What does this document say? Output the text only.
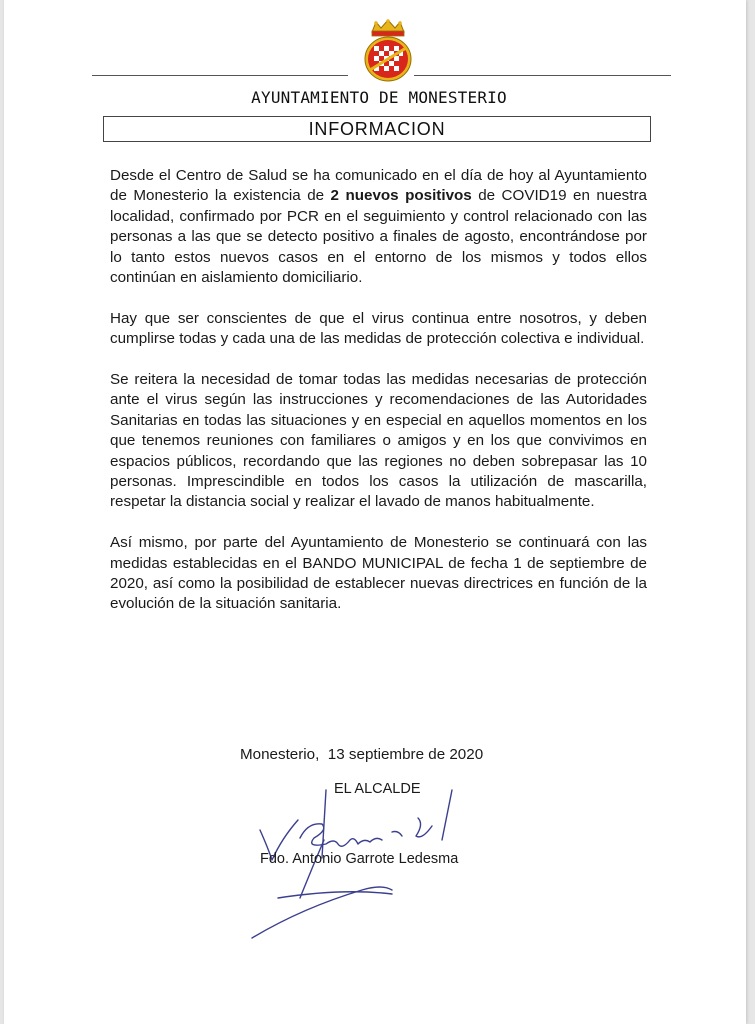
AYUNTAMIENTO DE MONESTERIO
INFORMACION

Desde el Centro de Salud se ha comunicado en el día de hoy al Ayuntamiento de Monesterio la existencia de 2 nuevos positivos de COVID19 en nuestra localidad, confirmado por PCR en el seguimiento y control relacionado con las personas a las que se detecto positivo a finales de agosto, encontrándose por lo tanto estos nuevos casos en el entorno de los mismos y todos ellos continúan en aislamiento domiciliario.

Hay que ser conscientes de que el virus continua entre nosotros, y deben cumplirse todas y cada una de las medidas de protección colectiva e individual.

Se reitera la necesidad de tomar todas las medidas necesarias de protección ante el virus según las instrucciones y recomendaciones de las Autoridades Sanitarias en todas las situaciones y en especial en aquellos momentos en los que tenemos reuniones con familiares o amigos y en los que convivimos en espacios públicos, recordando que las regiones no deben sobrepasar las 10 personas. Imprescindible en todos los casos la utilización de mascarilla, respetar la distancia social y realizar el lavado de manos habitualmente.

Así mismo, por parte del Ayuntamiento de Monesterio se continuará con las medidas establecidas en el BANDO MUNICIPAL de fecha 1 de septiembre de 2020, así como la posibilidad de establecer nuevas directrices en función de la evolución de la situación sanitaria.

Monesterio,  13 septiembre de 2020
EL ALCALDE
Fdo. Antonio Garrote Ledesma
